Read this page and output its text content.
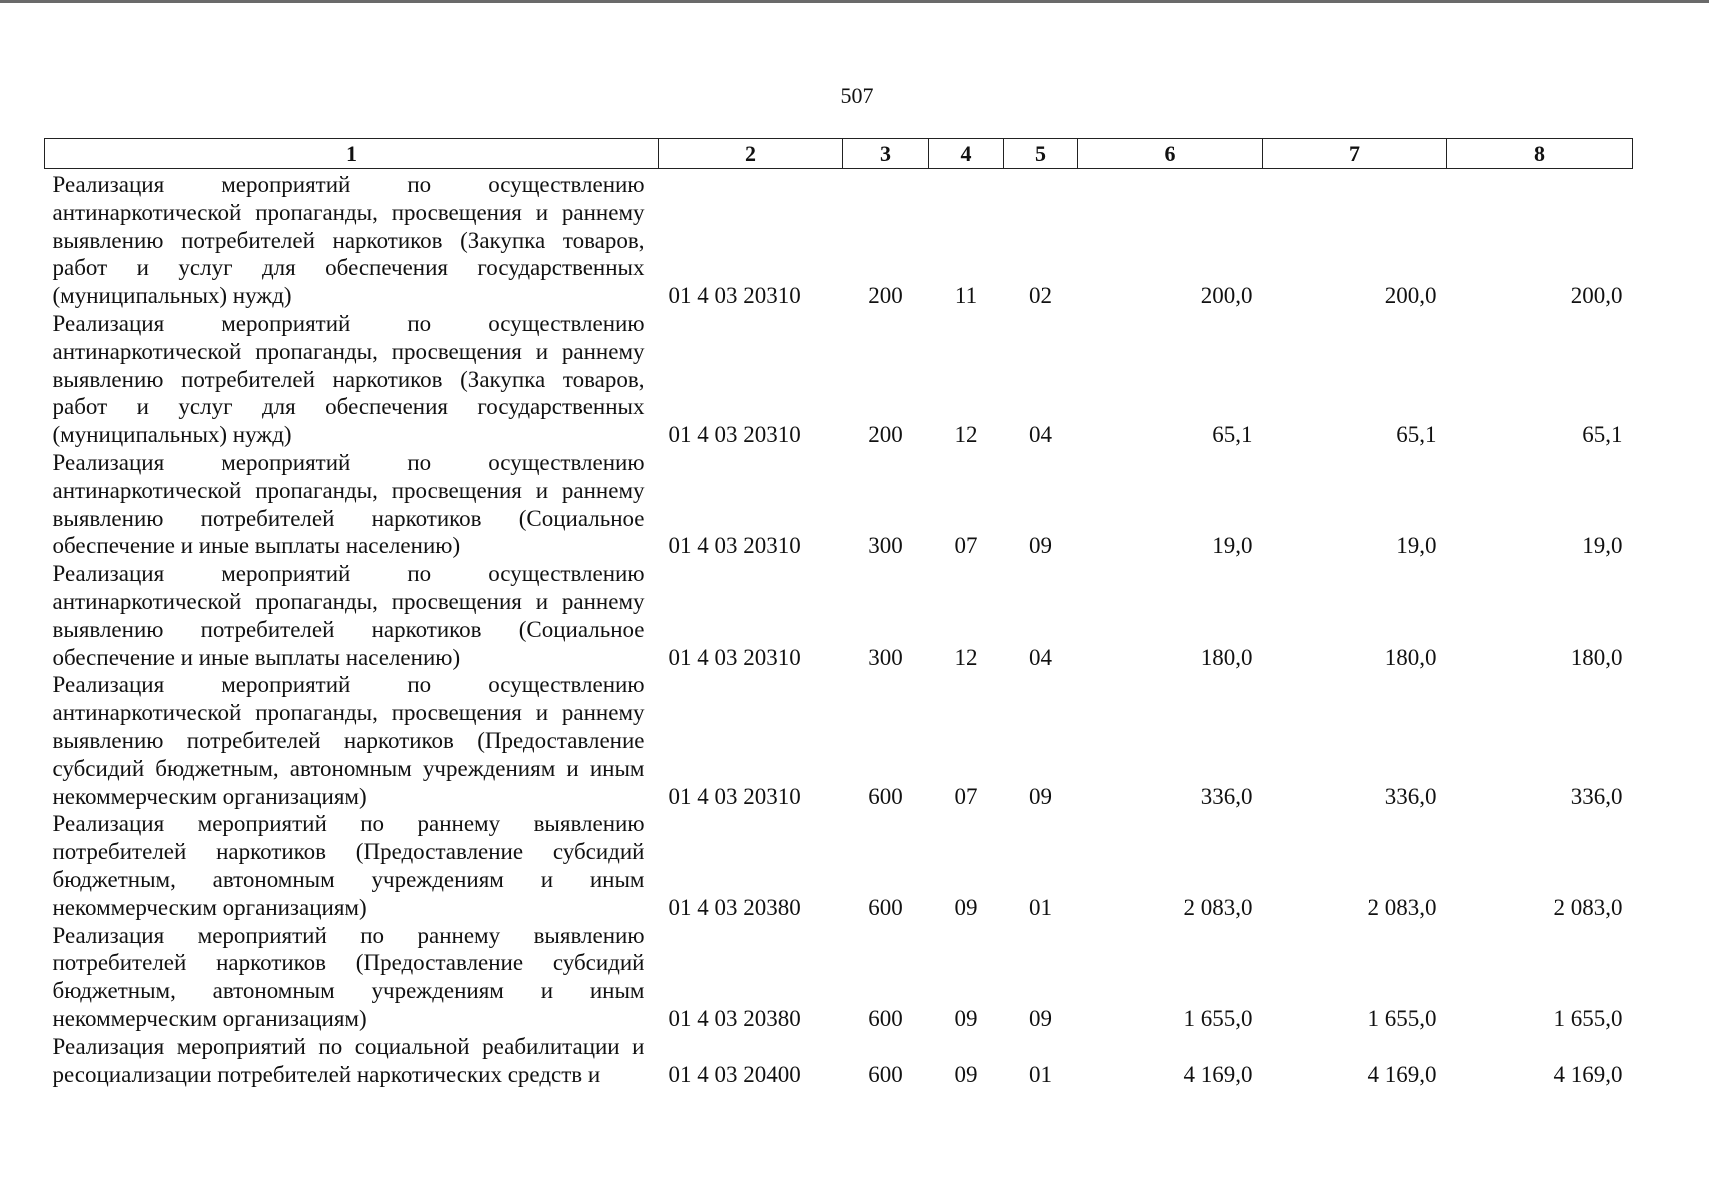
507
1	2	3	4	5	6	7	8
Реализация мероприятий по осуществлению антинаркотической пропаганды, просвещения и раннему выявлению потребителей наркотиков (Закупка товаров, работ и услуг для обеспечения государственных (муниципальных) нужд)	01 4 03 20310	200	11	02	200,0	200,0	200,0
Реализация мероприятий по осуществлению антинаркотической пропаганды, просвещения и раннему выявлению потребителей наркотиков (Закупка товаров, работ и услуг для обеспечения государственных (муниципальных) нужд)	01 4 03 20310	200	12	04	65,1	65,1	65,1
Реализация мероприятий по осуществлению антинаркотической пропаганды, просвещения и раннему выявлению потребителей наркотиков (Социальное обеспечение и иные выплаты населению)	01 4 03 20310	300	07	09	19,0	19,0	19,0
Реализация мероприятий по осуществлению антинаркотической пропаганды, просвещения и раннему выявлению потребителей наркотиков (Социальное обеспечение и иные выплаты населению)	01 4 03 20310	300	12	04	180,0	180,0	180,0
Реализация мероприятий по осуществлению антинаркотической пропаганды, просвещения и раннему выявлению потребителей наркотиков (Предоставление субсидий бюджетным, автономным учреждениям и иным некоммерческим организациям)	01 4 03 20310	600	07	09	336,0	336,0	336,0
Реализация мероприятий по раннему выявлению потребителей наркотиков (Предоставление субсидий бюджетным, автономным учреждениям и иным некоммерческим организациям)	01 4 03 20380	600	09	01	2 083,0	2 083,0	2 083,0
Реализация мероприятий по раннему выявлению потребителей наркотиков (Предоставление субсидий бюджетным, автономным учреждениям и иным некоммерческим организациям)	01 4 03 20380	600	09	09	1 655,0	1 655,0	1 655,0
Реализация мероприятий по социальной реабилитации и ресоциализации потребителей наркотических средств и	01 4 03 20400	600	09	01	4 169,0	4 169,0	4 169,0
